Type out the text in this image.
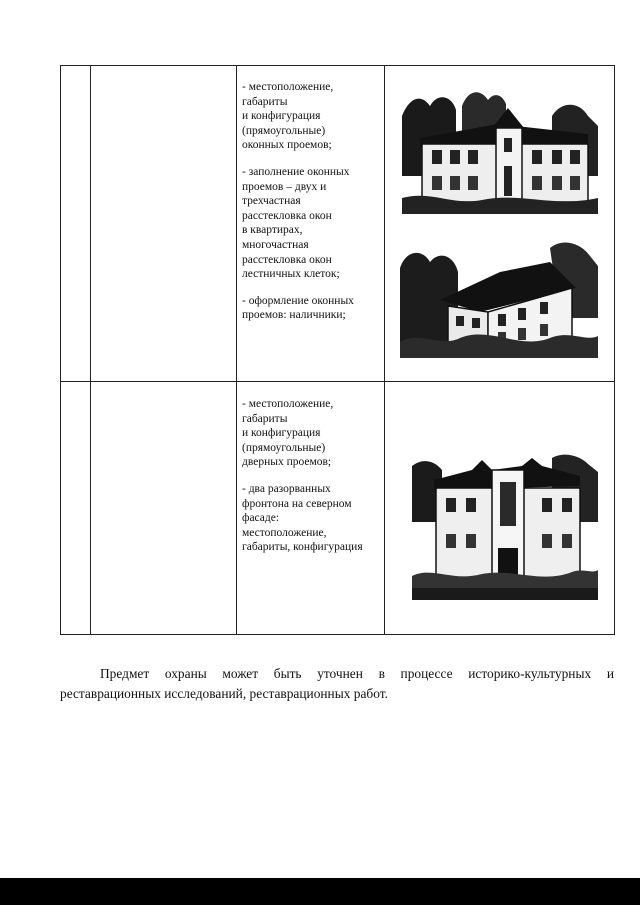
- местоположение,
габариты
и конфигурация
(прямоугольные)
оконных проемов;

- заполнение оконных
проемов – двух и
трехчастная
расстекловка окон
в квартирах,
многочастная
расстекловка окон
лестничных клеток;

- оформление оконных
проемов: наличники;

- местоположение,
габариты
и конфигурация
(прямоугольные)
дверных проемов;

- два разорванных
фронтона на северном
фасаде:
местоположение,
габариты, конфигурация

Предмет охраны может быть уточнен в процессе историко-культурных и реставрационных исследований, реставрационных работ.
